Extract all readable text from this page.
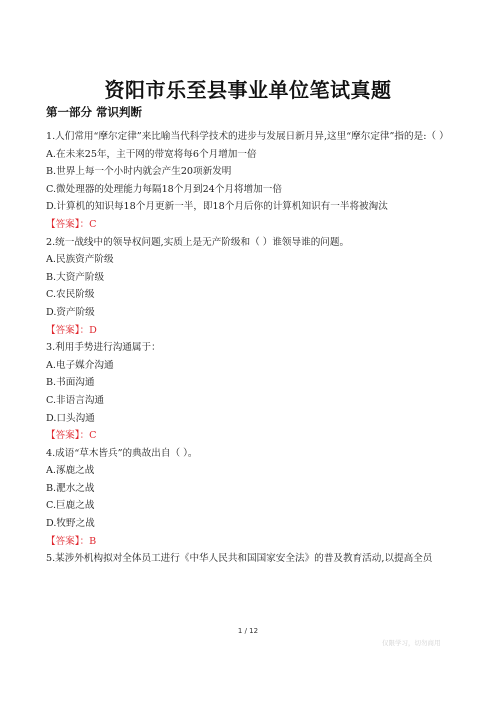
资阳市乐至县事业单位笔试真题
第一部分 常识判断
1.人们常用“摩尔定律”来比喻当代科学技术的进步与发展日新月异,这里“摩尔定律”指的是:（ ）
A.在未来25年，主干网的带宽将每6个月增加一倍
B.世界上每一个小时内就会产生20项新发明
C.微处理器的处理能力每隔18个月到24个月将增加一倍
D.计算机的知识每18个月更新一半，即18个月后你的计算机知识有一半将被淘汰
【答案】：C
2.统一战线中的领导权问题,实质上是无产阶级和（ ）谁领导谁的问题。
A.民族资产阶级
B.大资产阶级
C.农民阶级
D.资产阶级
【答案】：D
3.利用手势进行沟通属于：
A.电子媒介沟通
B.书面沟通
C.非语言沟通
D.口头沟通
【答案】：C
4.成语“草木皆兵”的典故出自（ ）。
A.涿鹿之战
B.淝水之战
C.巨鹿之战
D.牧野之战
【答案】：B
5.某涉外机构拟对全体员工进行《中华人民共和国国家安全法》的普及教育活动,以提高全员
1 / 12
仅限学习，切勿商用
